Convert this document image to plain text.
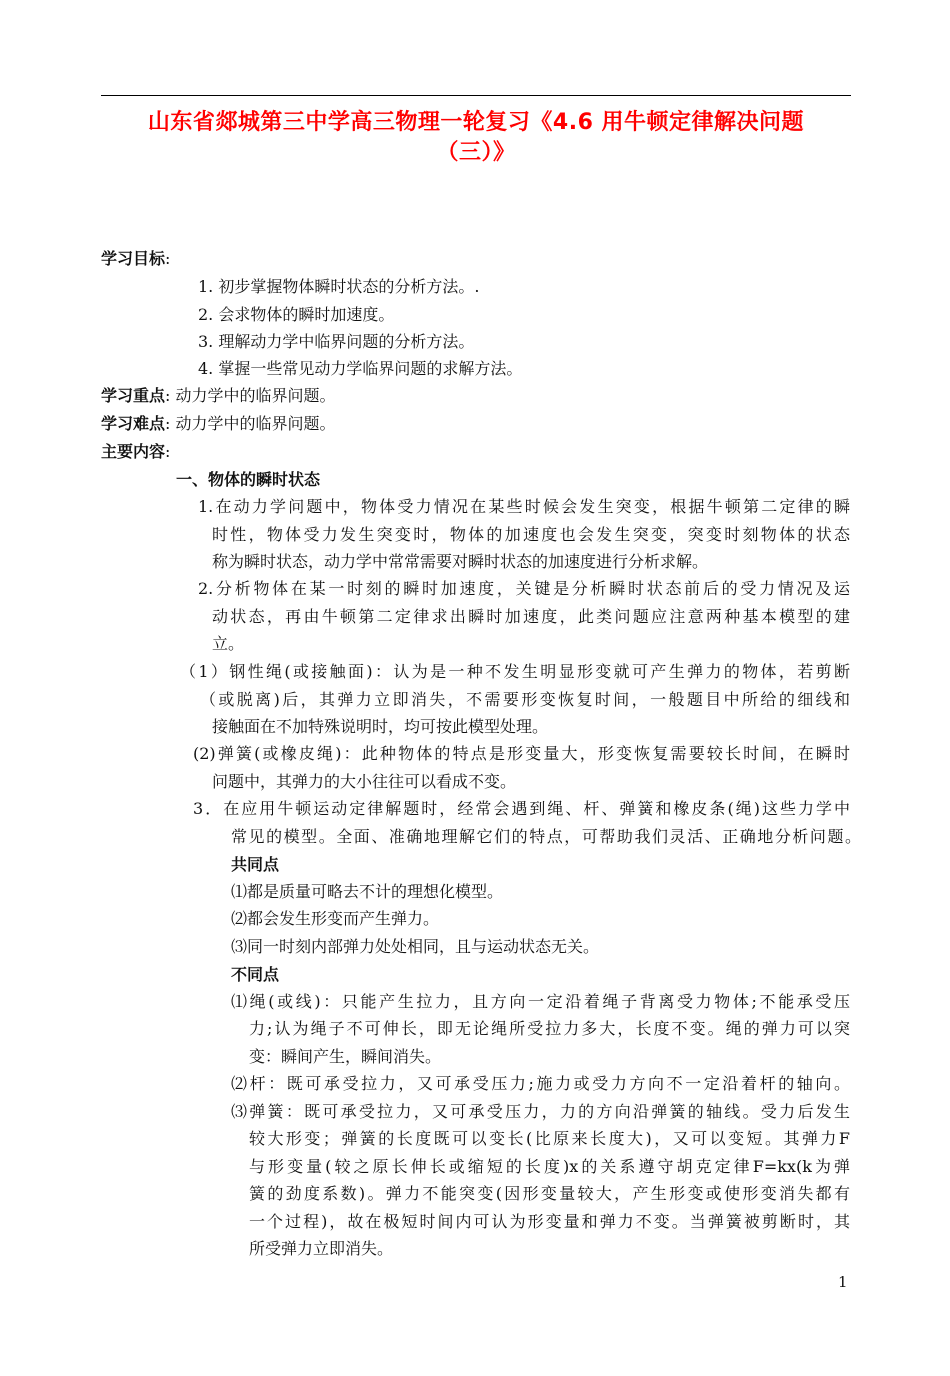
山东省郯城第三中学高三物理一轮复习《4.6 用牛顿定律解决问题
（三）》
学习目标:
1. 初步掌握物体瞬时状态的分析方法。.
2. 会求物体的瞬时加速度。
3. 理解动力学中临界问题的分析方法。
4. 掌握一些常见动力学临界问题的求解方法。
学习重点: 动力学中的临界问题。
学习难点: 动力学中的临界问题。
主要内容:
一、物体的瞬时状态
1.在动力学问题中，物体受力情况在某些时候会发生突变，根据牛顿第二定律的瞬
时性，物体受力发生突变时，物体的加速度也会发生突变，突变时刻物体的状态
称为瞬时状态，动力学中常常需要对瞬时状态的加速度进行分析求解。
2.分析物体在某一时刻的瞬时加速度，关键是分析瞬时状态前后的受力情况及运
动状态，再由牛顿第二定律求出瞬时加速度，此类问题应注意两种基本模型的建
立。
（1）钢性绳(或接触面)：认为是一种不发生明显形变就可产生弹力的物体，若剪断
（或脱离)后，其弹力立即消失，不需要形变恢复时间，一般题目中所给的细线和
接触面在不加特殊说明时，均可按此模型处理。
(2)弹簧(或橡皮绳)：此种物体的特点是形变量大，形变恢复需要较长时间，在瞬时
问题中，其弹力的大小往往可以看成不变。
3．在应用牛顿运动定律解题时，经常会遇到绳、杆、弹簧和橡皮条(绳)这些力学中
常见的模型。全面、准确地理解它们的特点，可帮助我们灵活、正确地分析问题。
共同点
⑴都是质量可略去不计的理想化模型。
⑵都会发生形变而产生弹力。
⑶同一时刻内部弹力处处相同，且与运动状态无关。
不同点
⑴绳(或线)：只能产生拉力，且方向一定沿着绳子背离受力物体;不能承受压
力;认为绳子不可伸长，即无论绳所受拉力多大，长度不变。绳的弹力可以突
变：瞬间产生，瞬间消失。
⑵杆：既可承受拉力，又可承受压力;施力或受力方向不一定沿着杆的轴向。
⑶弹簧：既可承受拉力，又可承受压力，力的方向沿弹簧的轴线。受力后发生
较大形变；弹簧的长度既可以变长(比原来长度大)，又可以变短。其弹力F
与形变量(较之原长伸长或缩短的长度)x的关系遵守胡克定律F=kx(k为弹
簧的劲度系数)。弹力不能突变(因形变量较大，产生形变或使形变消失都有
一个过程)，故在极短时间内可认为形变量和弹力不变。当弹簧被剪断时，其
所受弹力立即消失。
1
